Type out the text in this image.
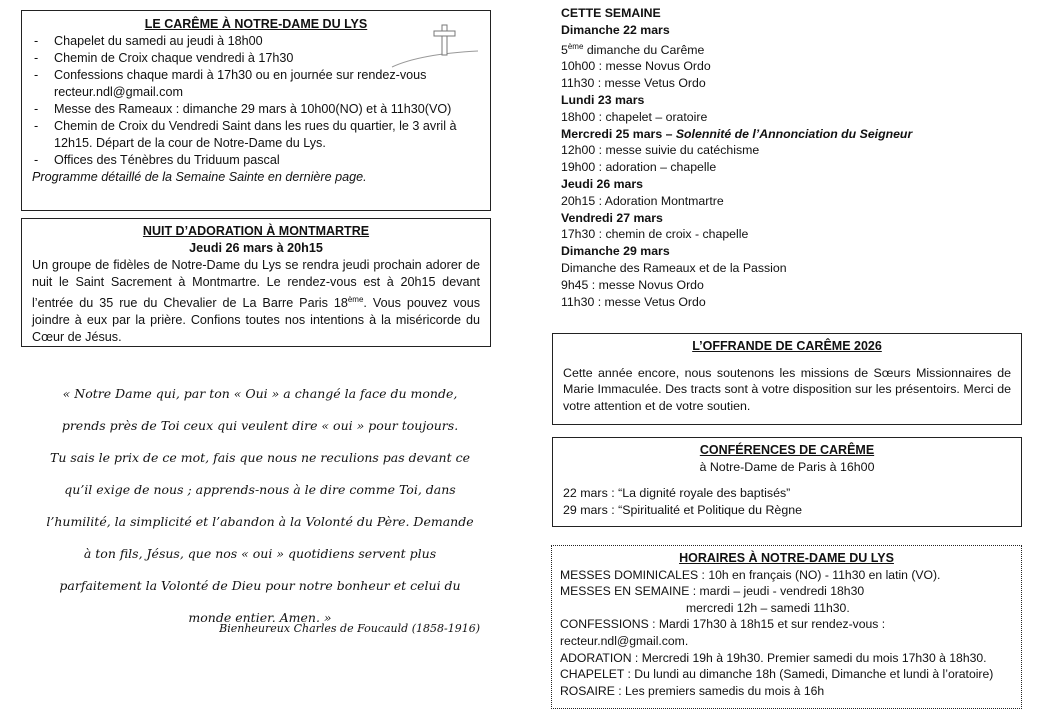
LE CARÊME À NOTRE-DAME DU LYS
- Chapelet du samedi au jeudi à 18h00
- Chemin de Croix chaque vendredi à 17h30
- Confessions chaque mardi à 17h30 ou en journée sur rendez-vous recteur.ndl@gmail.com
- Messe des Rameaux : dimanche 29 mars à 10h00(NO) et à 11h30(VO)
- Chemin de Croix du Vendredi Saint dans les rues du quartier, le 3 avril à 12h15. Départ de la cour de Notre-Dame du Lys.
- Offices des Ténèbres du Triduum pascal
Programme détaillé de la Semaine Sainte en dernière page.
NUIT D’ADORATION À MONTMARTRE
Jeudi 26 mars à 20h15

Un groupe de fidèles de Notre-Dame du Lys se rendra jeudi prochain adorer de nuit le Saint Sacrement à Montmartre. Le rendez-vous est à 20h15 devant l’entrée du 35 rue du Chevalier de La Barre Paris 18ème. Vous pouvez vous joindre à eux par la prière. Confions toutes nos intentions à la miséricorde du Cœur de Jésus.

« Notre Dame qui, par ton « Oui » a changé la face du monde,
prends près de Toi ceux qui veulent dire « oui » pour toujours.
Tu sais le prix de ce mot, fais que nous ne reculions pas devant ce
qu’il exige de nous ; apprends-nous à le dire comme Toi, dans
l’humilité, la simplicité et l’abandon à la Volonté du Père. Demande
à ton fils, Jésus, que nos « oui » quotidiens servent plus
parfaitement la Volonté de Dieu pour notre bonheur et celui du
monde entier. Amen. »
Bienheureux Charles de Foucauld (1858-1916)
CETTE SEMAINE
Dimanche 22 mars
5ème dimanche du Carême
10h00 : messe Novus Ordo
11h30 : messe Vetus Ordo
Lundi 23 mars
18h00 : chapelet – oratoire
Mercredi 25 mars – Solennité de l’Annonciation du Seigneur
12h00 : messe suivie du catéchisme
19h00 : adoration – chapelle
Jeudi 26 mars
20h15 : Adoration Montmartre
Vendredi 27 mars
17h30 : chemin de croix - chapelle
Dimanche 29 mars
Dimanche des Rameaux et de la Passion
9h45 : messe Novus Ordo
11h30 : messe Vetus Ordo
L’OFFRANDE DE CARÊME 2026

Cette année encore, nous soutenons les missions de Sœurs Missionnaires de Marie Immaculée. Des tracts sont à votre disposition sur les présentoirs. Merci de votre attention et de votre soutien.

CONFÉRENCES DE CARÊME
à Notre-Dame de Paris à 16h00
22 mars : “La dignité royale des baptisés”
29 mars : “Spiritualité et Politique du Règne
HORAIRES À NOTRE-DAME DU LYS
MESSES DOMINICALES : 10h en français (NO) - 11h30 en latin (VO).
MESSES EN SEMAINE : mardi – jeudi - vendredi 18h30
mercredi 12h – samedi 11h30.
CONFESSIONS : Mardi 17h30 à 18h15 et sur rendez-vous :
recteur.ndl@gmail.com.
ADORATION : Mercredi 19h à 19h30. Premier samedi du mois 17h30 à 18h30.
CHAPELET : Du lundi au dimanche 18h (Samedi, Dimanche et lundi à l’oratoire)
ROSAIRE : Les premiers samedis du mois à 16h
